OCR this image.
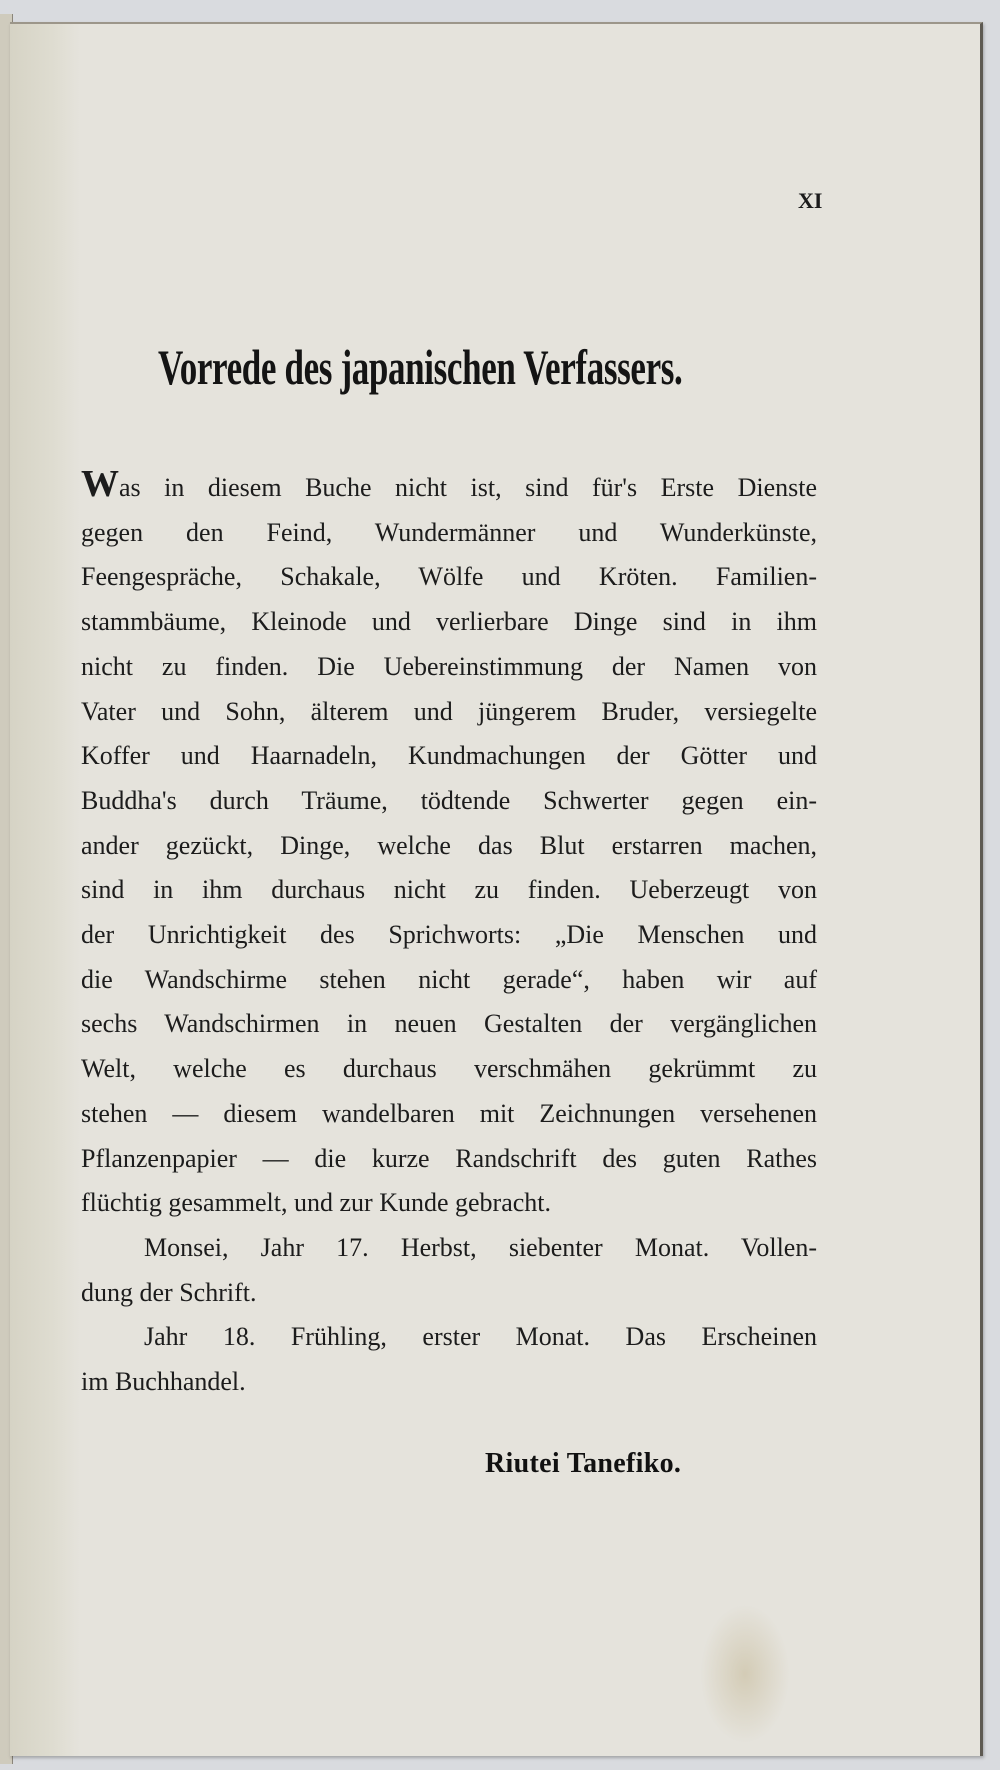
XI
Vorrede des japanischen Verfassers.
Was in diesem Buche nicht ist, sind für's Erste Dienste
gegen den Feind, Wundermänner und Wunderkünste,
Feengespräche, Schakale, Wölfe und Kröten. Familien-
stammbäume, Kleinode und verlierbare Dinge sind in ihm
nicht zu finden. Die Uebereinstimmung der Namen von
Vater und Sohn, älterem und jüngerem Bruder, versiegelte
Koffer und Haarnadeln, Kundmachungen der Götter und
Buddha's durch Träume, tödtende Schwerter gegen ein-
ander gezückt, Dinge, welche das Blut erstarren machen,
sind in ihm durchaus nicht zu finden. Ueberzeugt von
der Unrichtigkeit des Sprichworts: „Die Menschen und
die Wandschirme stehen nicht gerade“, haben wir auf
sechs Wandschirmen in neuen Gestalten der vergänglichen
Welt, welche es durchaus verschmähen gekrümmt zu
stehen — diesem wandelbaren mit Zeichnungen versehenen
Pflanzenpapier — die kurze Randschrift des guten Rathes
flüchtig gesammelt, und zur Kunde gebracht.
Monsei, Jahr 17. Herbst, siebenter Monat. Vollen-
dung der Schrift.
Jahr 18. Frühling, erster Monat. Das Erscheinen
im Buchhandel.
Riutei Tanefiko.
